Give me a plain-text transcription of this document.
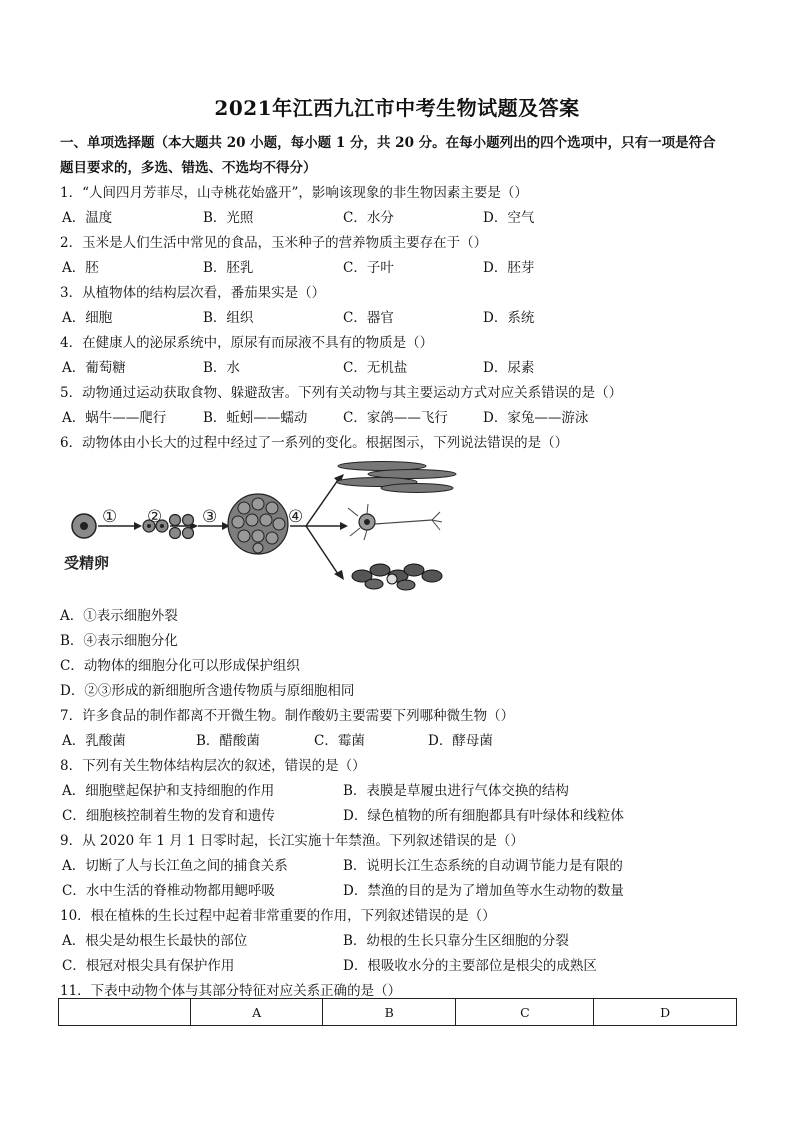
2021年江西九江市中考生物试题及答案
一、单项选择题（本大题共 20 小题，每小题 1 分，共 20 分。在每小题列出的四个选项中，只有一项是符合
题目要求的，多选、错选、不选均不得分）
1．“人间四月芳菲尽，山寺桃花始盛开”，影响该现象的非生物因素主要是（）
A．温度	B．光照	C．水分	D．空气
2．玉米是人们生活中常见的食品，玉米种子的营养物质主要存在于（）
A．胚	B．胚乳	C．子叶	D．胚芽
3．从植物体的结构层次看，番茄果实是（）
A．细胞	B．组织	C．器官	D．系统
4．在健康人的泌尿系统中，原尿有而尿液不具有的物质是（）
A．葡萄糖	B．水	C．无机盐	D．尿素
5．动物通过运动获取食物、躲避敌害。下列有关动物与其主要运动方式对应关系错误的是（）
A．蜗牛——爬行	B．蚯蚓——蠕动	C．家鸽——飞行	D．家兔——游泳
6．动物体由小长大的过程中经过了一系列的变化。根据图示，下列说法错误的是（）
受精卵
① ② ③	④
A．①表示细胞外裂
B．④表示细胞分化
C．动物体的细胞分化可以形成保护组织
D．②③形成的新细胞所含遗传物质与原细胞相同
7．许多食品的制作都离不开微生物。制作酸奶主要需要下列哪种微生物（）
A．乳酸菌	B．醋酸菌	C．霉菌	D．酵母菌
8．下列有关生物体结构层次的叙述，错误的是（）
A．细胞壁起保护和支持细胞的作用	B．表膜是草履虫进行气体交换的结构
C．细胞核控制着生物的发育和遗传	D．绿色植物的所有细胞都具有叶绿体和线粒体
9．从 2020 年 1 月 1 日零时起，长江实施十年禁渔。下列叙述错误的是（）
A．切断了人与长江鱼之间的捕食关系	B．说明长江生态系统的自动调节能力是有限的
C．水中生活的脊椎动物都用鳃呼吸	D．禁渔的目的是为了增加鱼等水生动物的数量
10．根在植株的生长过程中起着非常重要的作用，下列叙述错误的是（）
A．根尖是幼根生长最快的部位	B．幼根的生长只靠分生区细胞的分裂
C．根冠对根尖具有保护作用	D．根吸收水分的主要部位是根尖的成熟区
11．下表中动物个体与其部分特征对应关系正确的是（）
	A	B	C	D
